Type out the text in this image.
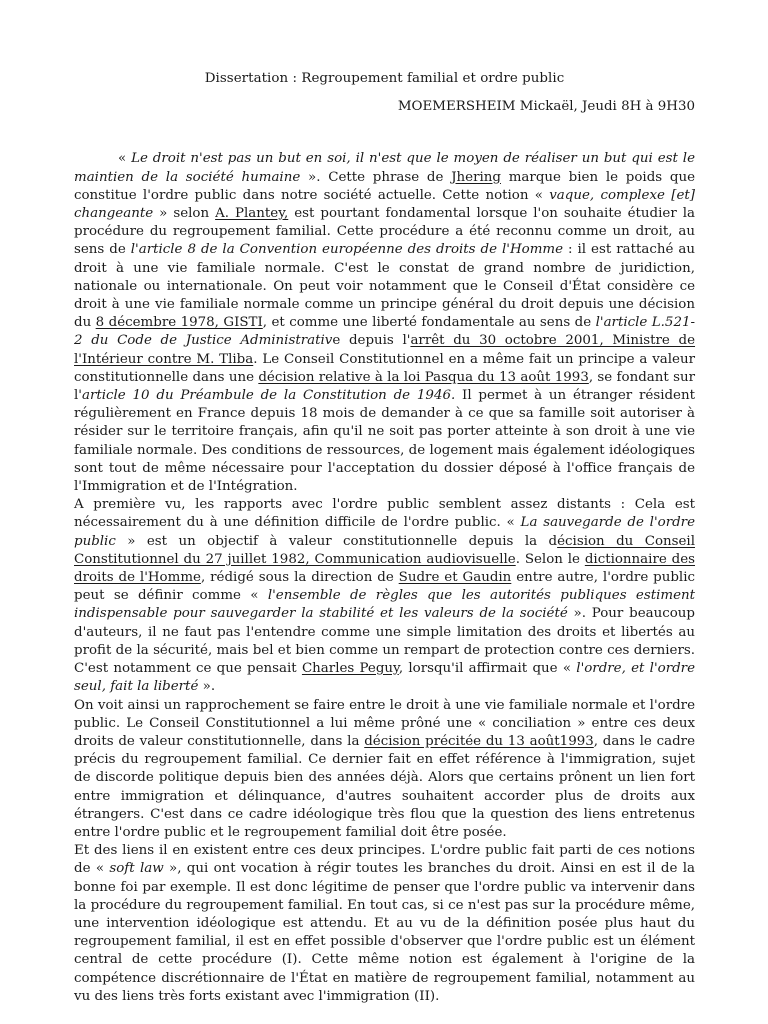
Dissertation : Regroupement familial et ordre public
MOEMERSHEIM Mickaël, Jeudi 8H à 9H30

« Le droit n'est pas un but en soi, il n'est que le moyen de réaliser un but qui est le maintien de la société humaine ». Cette phrase de Jhering marque bien le poids que constitue l'ordre public dans notre société actuelle. Cette notion « vaque, complexe [et] changeante » selon A. Plantey, est pourtant fondamental lorsque l'on souhaite étudier la procédure du regroupement familial. Cette procédure a été reconnu comme un droit, au sens de l'article 8 de la Convention européenne des droits de l'Homme : il est rattaché au droit à une vie familiale normale. C'est le constat de grand nombre de juridiction, nationale ou internationale. On peut voir notamment que le Conseil d'État considère ce droit à une vie familiale normale comme un principe général du droit depuis une décision du 8 décembre 1978, GISTI, et comme une liberté fondamentale au sens de l'article L.521-2 du Code de Justice Administrative depuis l'arrêt du 30 octobre 2001, Ministre de l'Intérieur contre M. Tliba. Le Conseil Constitutionnel en a même fait un principe a valeur constitutionnelle dans une décision relative à la loi Pasqua du 13 août 1993, se fondant sur l'article 10 du Préambule de la Constitution de 1946. Il permet à un étranger résident régulièrement en France depuis 18 mois de demander à ce que sa famille soit autoriser à résider sur le territoire français, afin qu'il ne soit pas porter atteinte à son droit à une vie familiale normale. Des conditions de ressources, de logement mais également idéologiques sont tout de même nécessaire pour l'acceptation du dossier déposé à l'office français de l'Immigration et de l'Intégration.

A première vu, les rapports avec l'ordre public semblent assez distants : Cela est nécessairement du à une définition difficile de l'ordre public. « La sauvegarde de l'ordre public » est un objectif à valeur constitutionnelle depuis la décision du Conseil Constitutionnel du 27 juillet 1982, Communication audiovisuelle. Selon le dictionnaire des droits de l'Homme, rédigé sous la direction de Sudre et Gaudin entre autre, l'ordre public peut se définir comme « l'ensemble de règles que les autorités publiques estiment indispensable pour sauvegarder la stabilité et les valeurs de la société ». Pour beaucoup d'auteurs, il ne faut pas l'entendre comme une simple limitation des droits et libertés au profit de la sécurité, mais bel et bien comme un rempart de protection contre ces derniers. C'est notamment ce que pensait Charles Peguy, lorsqu'il affirmait que « l'ordre, et l'ordre seul, fait la liberté ».

On voit ainsi un rapprochement se faire entre le droit à une vie familiale normale et l'ordre public. Le Conseil Constitutionnel a lui même prôné une « conciliation » entre ces deux droits de valeur constitutionnelle, dans la décision précitée du 13 août1993, dans le cadre précis du regroupement familial. Ce dernier fait en effet référence à l'immigration, sujet de discorde politique depuis bien des années déjà. Alors que certains prônent un lien fort entre immigration et délinquance, d'autres souhaitent accorder plus de droits aux étrangers. C'est dans ce cadre idéologique très flou que la question des liens entretenus entre l'ordre public et le regroupement familial doit être posée.

Et des liens il en existent entre ces deux principes. L'ordre public fait parti de ces notions de « soft law », qui ont vocation à régir toutes les branches du droit. Ainsi en est il de la bonne foi par exemple. Il est donc légitime de penser que l'ordre public va intervenir dans la procédure du regroupement familial. En tout cas, si ce n'est pas sur la procédure même, une intervention idéologique est attendu. Et au vu de la définition posée plus haut du regroupement familial, il est en effet possible d'observer que l'ordre public est un élément central de cette procédure (I). Cette même notion est également à l'origine de la compétence discrétionnaire de l'État en matière de regroupement familial, notamment au vu des liens très forts existant avec l'immigration (II).
